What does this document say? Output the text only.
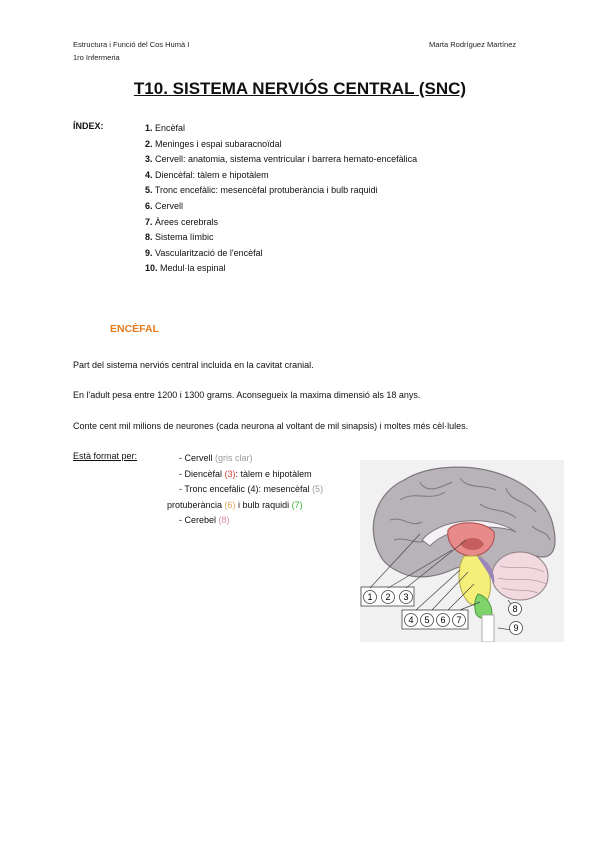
Estructura i Funció del Cos Humà I
1ro Infermeria
Marta Rodríguez Martínez
T10. SISTEMA NERVIÓS CENTRAL (SNC)
ÍNDEX:	1. Encèfal
2. Meninges i espai subaracnoïdal
3. Cervell: anatomia, sistema ventricular i barrera hemato-encefàlica
4. Diencèfal: tàlem e hipotàlem
5. Tronc encefàlic: mesencèfal protuberància i bulb raquidi
6. Cervell
7. Àrees cerebrals
8. Sistema límbic
9. Vascularització de l'encèfal
10. Medul·la espinal
ENCÈFAL
Part del sistema nerviós central incluida en la cavitat cranial.
En l'adult pesa entre 1200 i 1300 grams. Aconsegueix la maxima dimensió als 18 anys.
Conte cent mil milions de neurones (cada neurona al voltant de mil sinapsis) i moltes més cèl·lules.
Està format per:	- Cervell (gris clar)
- Diencèfal (3): tàlem e hipotàlem
- Tronc encefàlic (4): mesencèfal (5)
protuberància (6) i bulb raquidi (7)
- Cerebel (8)
1 2 3
4 5 6 7
8
9
